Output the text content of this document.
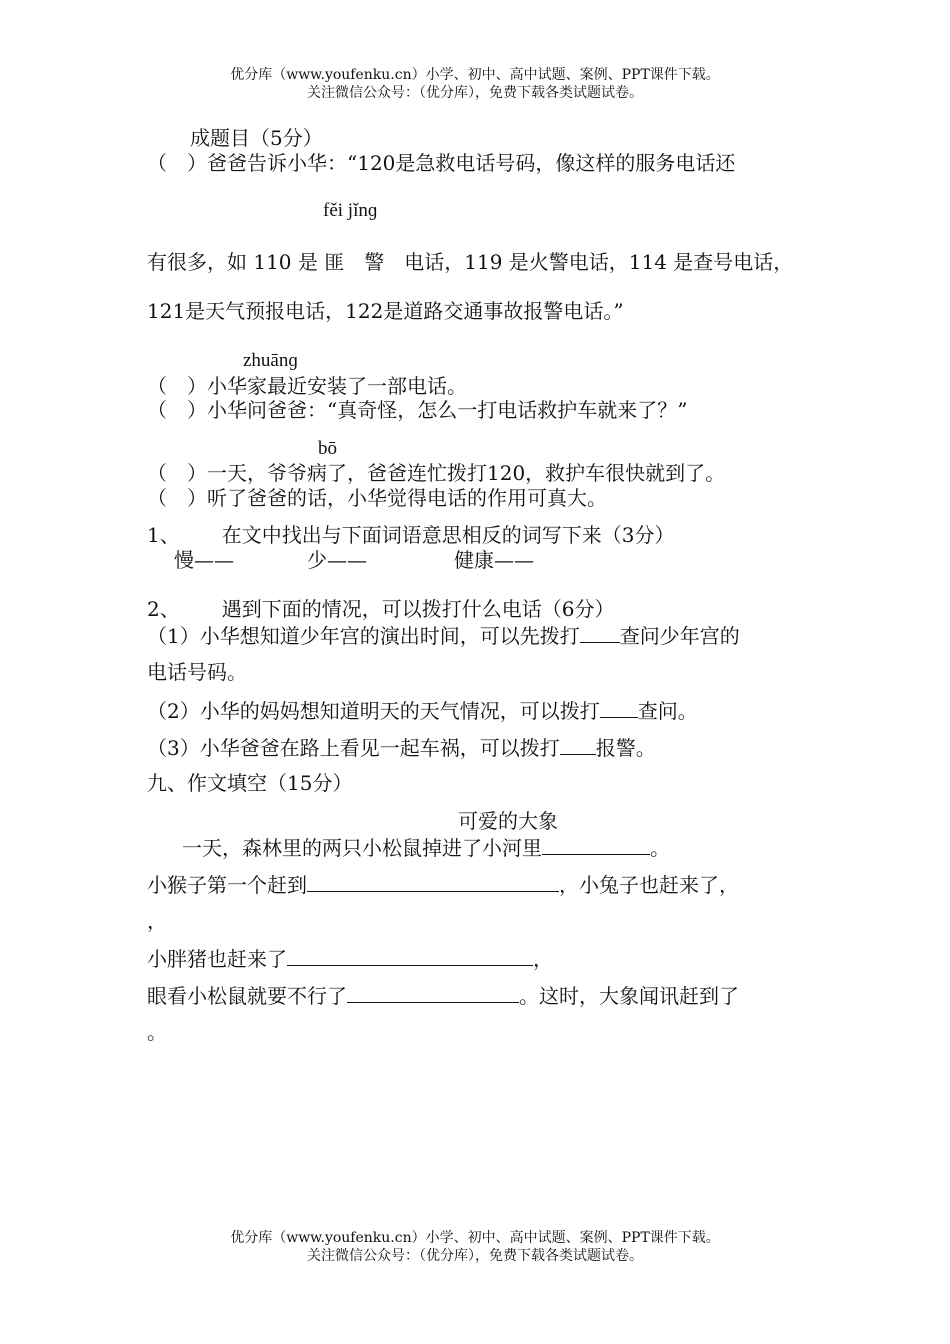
优分库（www.youfenku.cn）小学、初中、高中试题、案例、PPT课件下载。
关注微信公众号：（优分库），免费下载各类试题试卷。
成题目（5分）
（　）爸爸告诉小华：“120是急救电话号码，像这样的服务电话还
fěi jǐnɡ
有很多，如 110 是 匪　警　电话，119 是火警电话，114 是查号电话，
121是天气预报电话，122是道路交通事故报警电话。”
zhuānɡ
（　）小华家最近安装了一部电话。
（　）小华问爸爸：“真奇怪，怎么一打电话救护车就来了？”
bō
（　）一天，爷爷病了，爸爸连忙拨打120，救护车很快就到了。
（　）听了爸爸的话，小华觉得电话的作用可真大。
1、 在文中找出与下面词语意思相反的词写下来（3分）
慢——	少——	健康——
2、 遇到下面的情况，可以拨打什么电话（6分）
（1）小华想知道少年宫的演出时间，可以先拨打 查问少年宫的
电话号码。
（2）小华的妈妈想知道明天的天气情况，可以拨打 查问。
（3）小华爸爸在路上看见一起车祸，可以拨打 报警。
九、作文填空（15分）
可爱的大象
一天，森林里的两只小松鼠掉进了小河里	。
小猴子第一个赶到	，小兔子也赶来了，
，
小胖猪也赶来了	，
眼看小松鼠就要不行了	。这时，大象闻讯赶到了
。
优分库（www.youfenku.cn）小学、初中、高中试题、案例、PPT课件下载。
关注微信公众号：（优分库），免费下载各类试题试卷。
